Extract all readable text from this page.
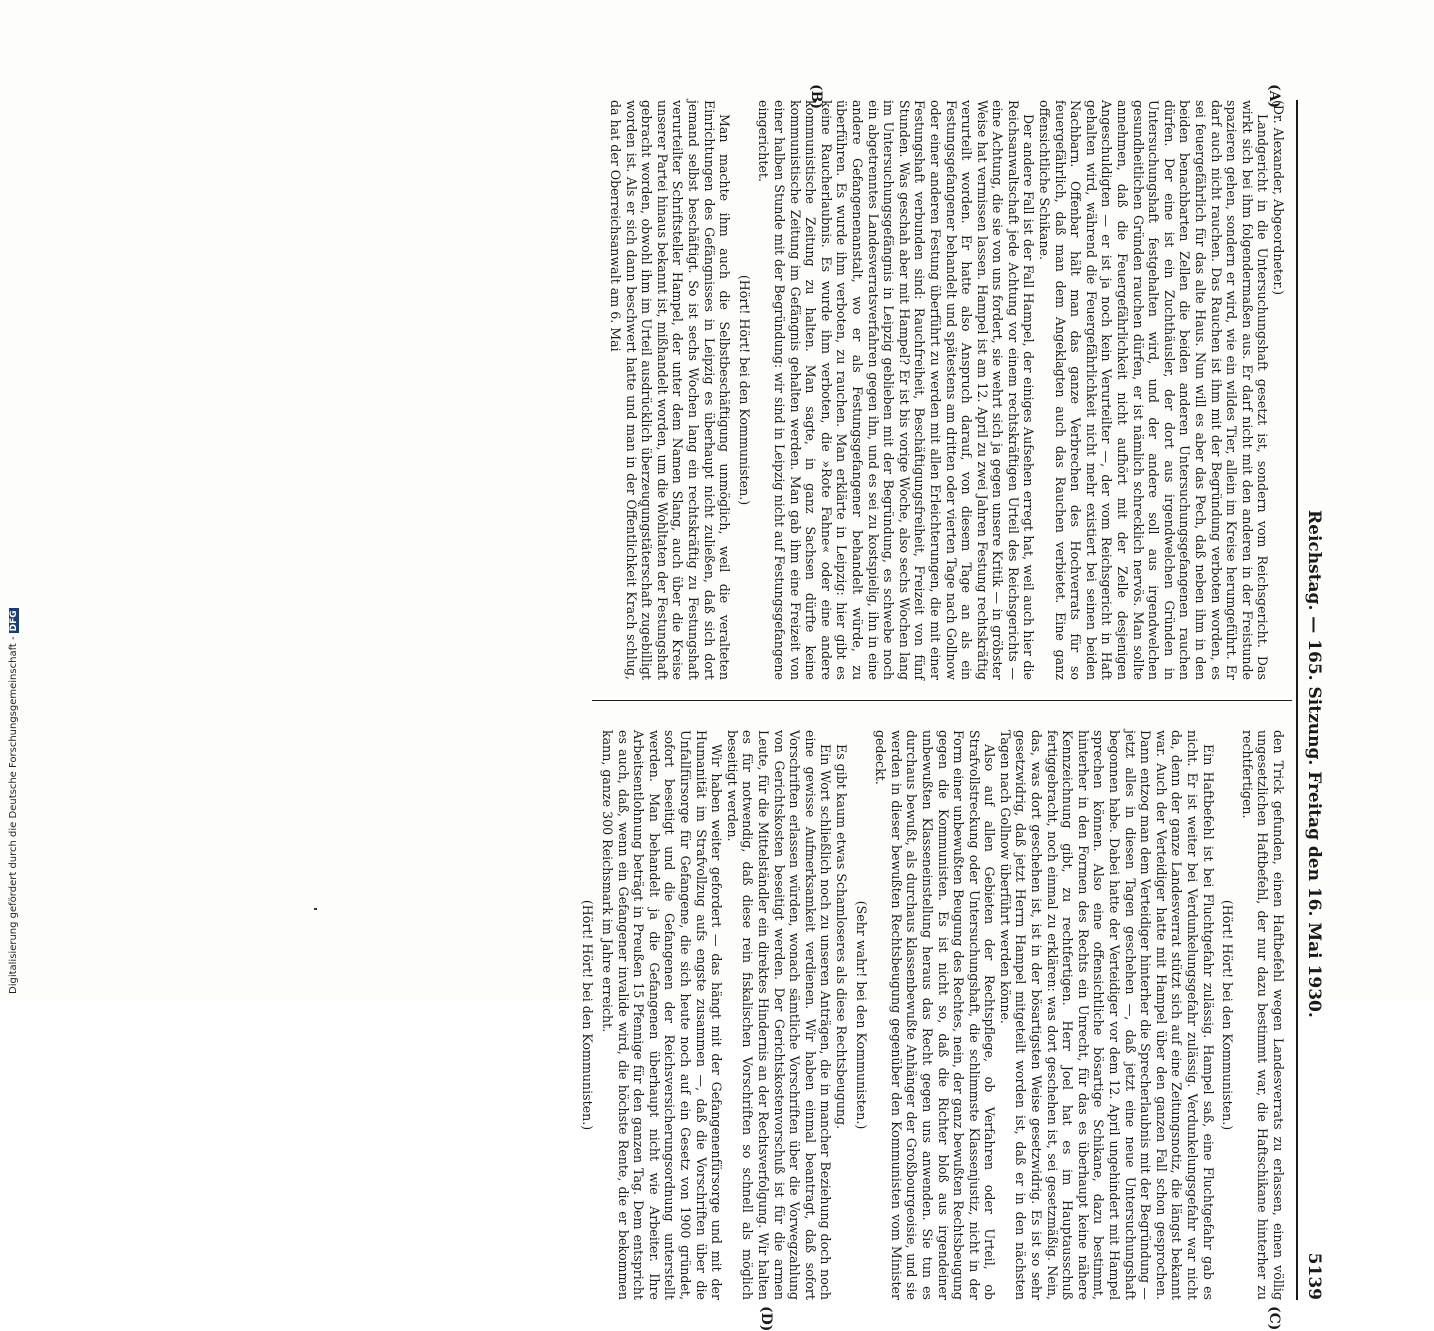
Reichstag. — 165. Sitzung. Freitag den 16. Mai 1930.
5139
(A)
(B)
(C)
(D)

(Dr. Alexander, Abgeordneter.)

Landgericht in die Untersuchungshaft gesetzt ist, sondern vom Reichsgericht. Das wirkt sich bei ihm folgendermaßen aus. Er darf nicht mit den anderen in der Freistunde spazieren gehen, sondern er wird, wie ein wildes Tier, allein im Kreise herumgeführt. Er darf auch nicht rauchen. Das Rauchen ist ihm mit der Begründung verboten worden, es sei feuergefährlich für das alte Haus. Nun will es aber das Pech, daß neben ihm in den beiden benachbarten Zellen die beiden anderen Untersuchungsgefangenen rauchen dürfen. Der eine ist ein Zuchthäusler, der dort aus irgendwelchen Gründen in Untersuchungshaft festgehalten wird, und der andere soll aus irgendwelchen gesundheitlichen Gründen rauchen dürfen, er ist nämlich schrecklich nervös. Man sollte annehmen, daß die Feuergefährlichkeit nicht aufhört mit der Zelle desjenigen Angeschuldigten — er ist ja noch kein Verurteilter —, der vom Reichsgericht in Haft gehalten wird, während die Feuergefährlichkeit nicht mehr existiert bei seinen beiden Nachbarn. Offenbar hält man das ganze Verbrechen des Hochverrats für so feuergefährlich, daß man dem Angeklagten auch das Rauchen verbietet. Eine ganz offensichtliche Schikane.

Der andere Fall ist der Fall Hampel, der einiges Aufsehen erregt hat, weil auch hier die Reichsanwaltschaft jede Achtung vor einem rechtskräftigen Urteil des Reichsgerichts — eine Achtung, die sie von uns fordert, sie wehrt sich ja gegen unsere Kritik — in gröbster Weise hat vermissen lassen. Hampel ist am 12. April zu zwei Jahren Festung rechtskräftig verurteilt worden. Er hatte also Anspruch darauf, von diesem Tage an als ein Festungsgefangener behandelt und spätestens am dritten oder vierten Tage nach Gollnow oder einer anderen Festung überführt zu werden mit allen Erleichterungen, die mit einer Festungshaft verbunden sind: Rauchfreiheit, Beschäftigungsfreiheit, Freizeit von fünf Stunden. Was geschah aber mit Hampel? Er ist bis vorige Woche, also sechs Wochen lang im Untersuchungsgefängnis in Leipzig geblieben mit der Begründung, es schwebe noch ein abgetrenntes Landesverratsverfahren gegen ihn, und es sei zu kostspielig, ihn in eine andere Gefangenenanstalt, wo er als Festungsgefangener behandelt würde, zu überführen. Es wurde ihm verboten, zu rauchen. Man erklärte in Leipzig: hier gibt es keine Raucherlaubnis. Es wurde ihm verboten, die »Rote Fahne« oder eine andere kommunistische Zeitung zu halten. Man sagte, in ganz Sachsen dürfte keine kommunistische Zeitung im Gefängnis gehalten werden. Man gab ihm eine Freizeit von einer halben Stunde mit der Begründung: wir sind in Leipzig nicht auf Festungsgefangene eingerichtet.

(Hört! Hört! bei den Kommunisten.)

Man machte ihm auch die Selbstbeschäftigung unmöglich, weil die veralteten Einrichtungen des Gefängnisses in Leipzig es überhaupt nicht zuließen, daß sich dort jemand selbst beschäftigt. So ist sechs Wochen lang ein rechtskräftig zu Festungshaft verurteilter Schriftsteller Hampel, der unter dem Namen Slang, auch über die Kreise unserer Partei hinaus bekannt ist, mißhandelt worden, um die Wohltaten der Festungshaft gebracht worden, obwohl ihm im Urteil ausdrücklich überzeugungstäterschaft zugebilligt worden ist. Als er sich dann beschwert hatte und man in der Öffentlichkeit Krach schlug, da hat der Oberreichsanwalt am 6. Mai

den Trick gefunden, einen Haftbefehl wegen Landesverrats zu erlassen, einen völlig ungesetzlichen Haftbefehl, der nur dazu bestimmt war, die Haftschikane hinterher zu rechtfertigen.

(Hört! Hört! bei den Kommunisten.)

Ein Haftbefehl ist bei Fluchtgefahr zulässig. Hampel saß, eine Fluchtgefahr gab es nicht. Er ist weiter bei Verdunkelungsgefahr zulässig. Verdunkelungsgefahr war nicht da, denn der ganze Landesverrat stützt sich auf eine Zeitungsnotiz, die längst bekannt war. Auch der Verteidiger hatte mit Hampel über den ganzen Fall schon gesprochen. Dann entzog man dem Verteidiger hinterher die Sprecherlaubnis mit der Begründung — jetzt alles in diesen Tagen geschehen —, daß jetzt eine neue Untersuchungshaft begonnen habe. Dabei hatte der Verteidiger vor dem 12. April ungehindert mit Hampel sprechen können. Also eine offensichtliche bösartige Schikane, dazu bestimmt, hinterher in den Formen des Rechts ein Unrecht, für das es überhaupt keine nähere Kennzeichnung gibt, zu rechtfertigen. Herr Joel hat es im Hauptausschuß fertiggebracht, noch einmal zu erklären: was dort geschehen ist, sei gesetzmäßig. Nein, das, was dort geschehen ist, ist in der bösartigsten Weise gesetzwidrig. Es ist so sehr gesetzwidrig, daß jetzt Herrn Hampel mitgeteilt worden ist, daß er in den nächsten Tagen nach Gollnow überführt werden könne.

Also auf allen Gebieten der Rechtspflege, ob Verfahren oder Urteil, ob Strafvollstreckung oder Untersuchungshaft, die schlimmste Klassenjustiz, nicht in der Form einer unbewußten Beugung des Rechtes, nein, der ganz bewußten Rechtsbeugung gegen die Kommunisten. Es ist nicht so, daß die Richter bloß aus irgendeiner unbewußten Klasseneinstellung heraus das Recht gegen uns anwenden. Sie tun es durchaus bewußt, als durchaus klassenbewußte Anhänger der Großbourgeoisie, und sie werden in dieser bewußten Rechtsbeugung gegenüber den Kommunisten vom Minister gedeckt.

(Sehr wahr! bei den Kommunisten.)

Es gibt kaum etwas Schamloseres als diese Rechtsbeugung.

Ein Wort schließlich noch zu unseren Anträgen, die in mancher Beziehung doch noch eine gewisse Aufmerksamkeit verdienen. Wir haben einmal beantragt, daß sofort Vorschriften erlassen würden, wonach sämtliche Vorschriften über die Vorwegzahlung von Gerichtskosten beseitigt werden. Der Gerichtskostenvorschuß ist für die armen Leute, für die Mittelständler ein direktes Hindernis an der Rechtsverfolgung. Wir halten es für notwendig, daß diese rein fiskalischen Vorschriften so schnell als möglich beseitigt werden.

Wir haben weiter gefordert — das hängt mit der Gefangenenfürsorge und mit der Humanität im Strafvollzug aufs engste zusammen —, daß die Vorschriften über die Unfallfürsorge für Gefangene, die sich heute noch auf ein Gesetz von 1900 gründet, sofort beseitigt und die Gefangenen der Reichsversicherungsordnung unterstellt werden. Man behandelt ja die Gefangenen überhaupt nicht wie Arbeiter. Ihre Arbeitsentlohnung beträgt in Preußen 15 Pfennige für den ganzen Tag. Dem entspricht es auch, daß, wenn ein Gefangener invalide wird, die höchste Rente, die er bekommen kann, ganze 300 Reichsmark im Jahre erreicht.

(Hört! Hört! bei den Kommunisten.)

Digitalisierung gefördert durch die Deutsche Forschungsgemeinschaft -DFG
